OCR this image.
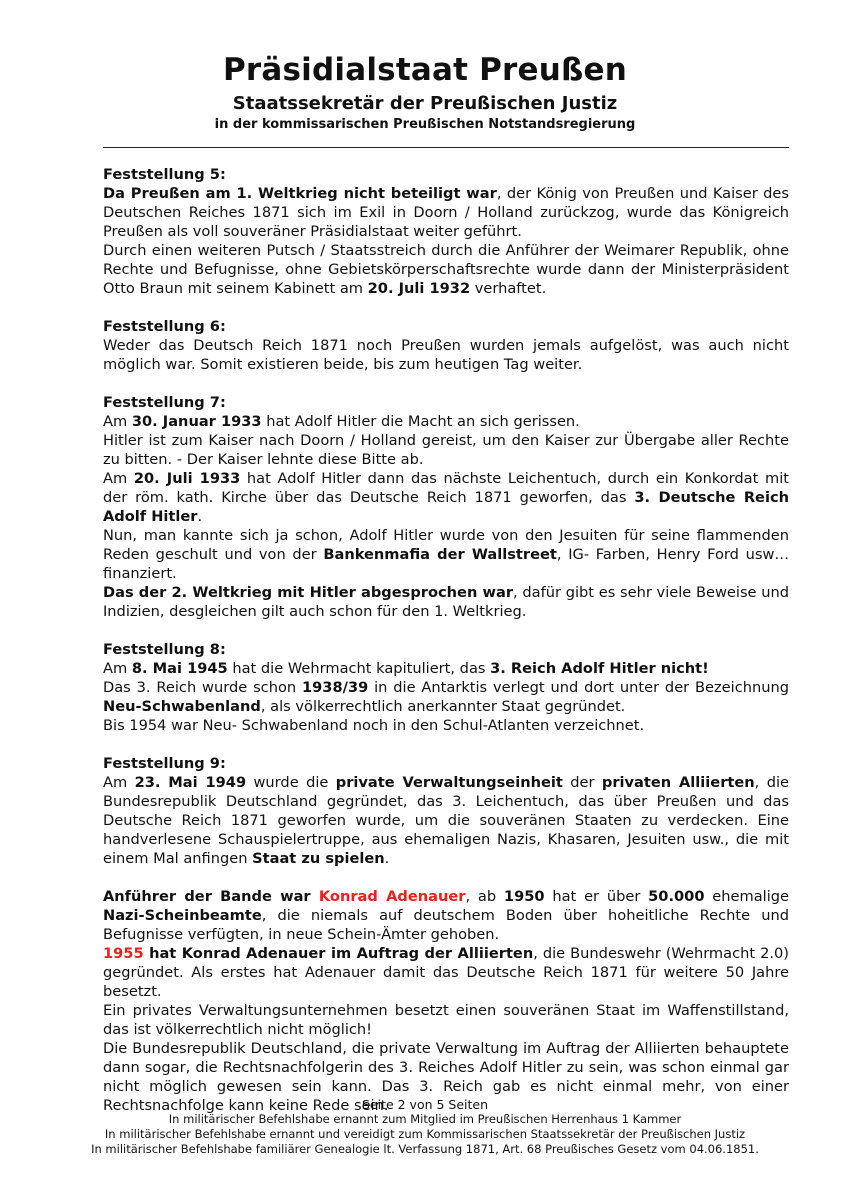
Präsidialstaat Preußen
Staatssekretär der Preußischen Justiz
in der kommissarischen Preußischen Notstandsregierung
Feststellung 5:

Da Preußen am 1. Weltkrieg nicht beteiligt war, der König von Preußen und Kaiser des Deutschen Reiches 1871 sich im Exil in Doorn / Holland zurückzog, wurde das Königreich Preußen als voll souveräner Präsidialstaat weiter geführt.

Durch einen weiteren Putsch / Staatsstreich durch die Anführer der Weimarer Republik, ohne Rechte und Befugnisse, ohne Gebietskörperschaftsrechte wurde dann der Ministerpräsident Otto Braun mit seinem Kabinett am 20. Juli 1932 verhaftet.

Feststellung 6:

Weder das Deutsch Reich 1871 noch Preußen wurden jemals aufgelöst, was auch nicht möglich war. Somit existieren beide, bis zum heutigen Tag weiter.

Feststellung 7:

Am 30. Januar 1933 hat Adolf Hitler die Macht an sich gerissen.

Hitler ist zum Kaiser nach Doorn / Holland gereist, um den Kaiser zur Übergabe aller Rechte zu bitten. - Der Kaiser lehnte diese Bitte ab.

Am 20. Juli 1933 hat Adolf Hitler dann das nächste Leichentuch, durch ein Konkordat mit der röm. kath. Kirche über das Deutsche Reich 1871 geworfen, das 3. Deutsche Reich Adolf Hitler.

Nun, man kannte sich ja schon, Adolf Hitler wurde von den Jesuiten für seine flammenden Reden geschult und von der Bankenmafia der Wallstreet, IG- Farben, Henry Ford usw… finanziert.

Das der 2. Weltkrieg mit Hitler abgesprochen war, dafür gibt es sehr viele Beweise und Indizien, desgleichen gilt auch schon für den 1. Weltkrieg.

Feststellung 8:

Am 8. Mai 1945 hat die Wehrmacht kapituliert, das 3. Reich Adolf Hitler nicht!

Das 3. Reich wurde schon 1938/39 in die Antarktis verlegt und dort unter der Bezeichnung Neu-Schwabenland, als völkerrechtlich anerkannter Staat gegründet.

Bis 1954 war Neu- Schwabenland noch in den Schul-Atlanten verzeichnet.

Feststellung 9:

Am 23. Mai 1949 wurde die private Verwaltungseinheit der privaten Alliierten, die Bundesrepublik Deutschland gegründet, das 3. Leichentuch, das über Preußen und das Deutsche Reich 1871 geworfen wurde, um die souveränen Staaten zu verdecken. Eine handverlesene Schauspielertruppe, aus ehemaligen Nazis, Khasaren, Jesuiten usw., die mit einem Mal anfingen Staat zu spielen.

Anführer der Bande war Konrad Adenauer, ab 1950 hat er über 50.000 ehemalige Nazi-Scheinbeamte, die niemals auf deutschem Boden über hoheitliche Rechte und Befugnisse verfügten, in neue Schein-Ämter gehoben.

1955 hat Konrad Adenauer im Auftrag der Alliierten, die Bundeswehr (Wehrmacht 2.0) gegründet. Als erstes hat Adenauer damit das Deutsche Reich 1871 für weitere 50 Jahre besetzt.

Ein privates Verwaltungsunternehmen besetzt einen souveränen Staat im Waffenstillstand, das ist völkerrechtlich nicht möglich!

Die Bundesrepublik Deutschland, die private Verwaltung im Auftrag der Alliierten behauptete dann sogar, die Rechtsnachfolgerin des 3. Reiches Adolf Hitler zu sein, was schon einmal gar nicht möglich gewesen sein kann. Das 3. Reich gab es nicht einmal mehr, von einer Rechtsnachfolge kann keine Rede sein.

Seite 2 von 5 Seiten
In militärischer Befehlshabe ernannt zum Mitglied im Preußischen Herrenhaus 1 Kammer
In militärischer Befehlshabe ernannt und vereidigt zum Kommissarischen Staatssekretär der Preußischen Justiz
In militärischer Befehlshabe familiärer Genealogie lt. Verfassung 1871, Art. 68 Preußisches Gesetz vom 04.06.1851.
